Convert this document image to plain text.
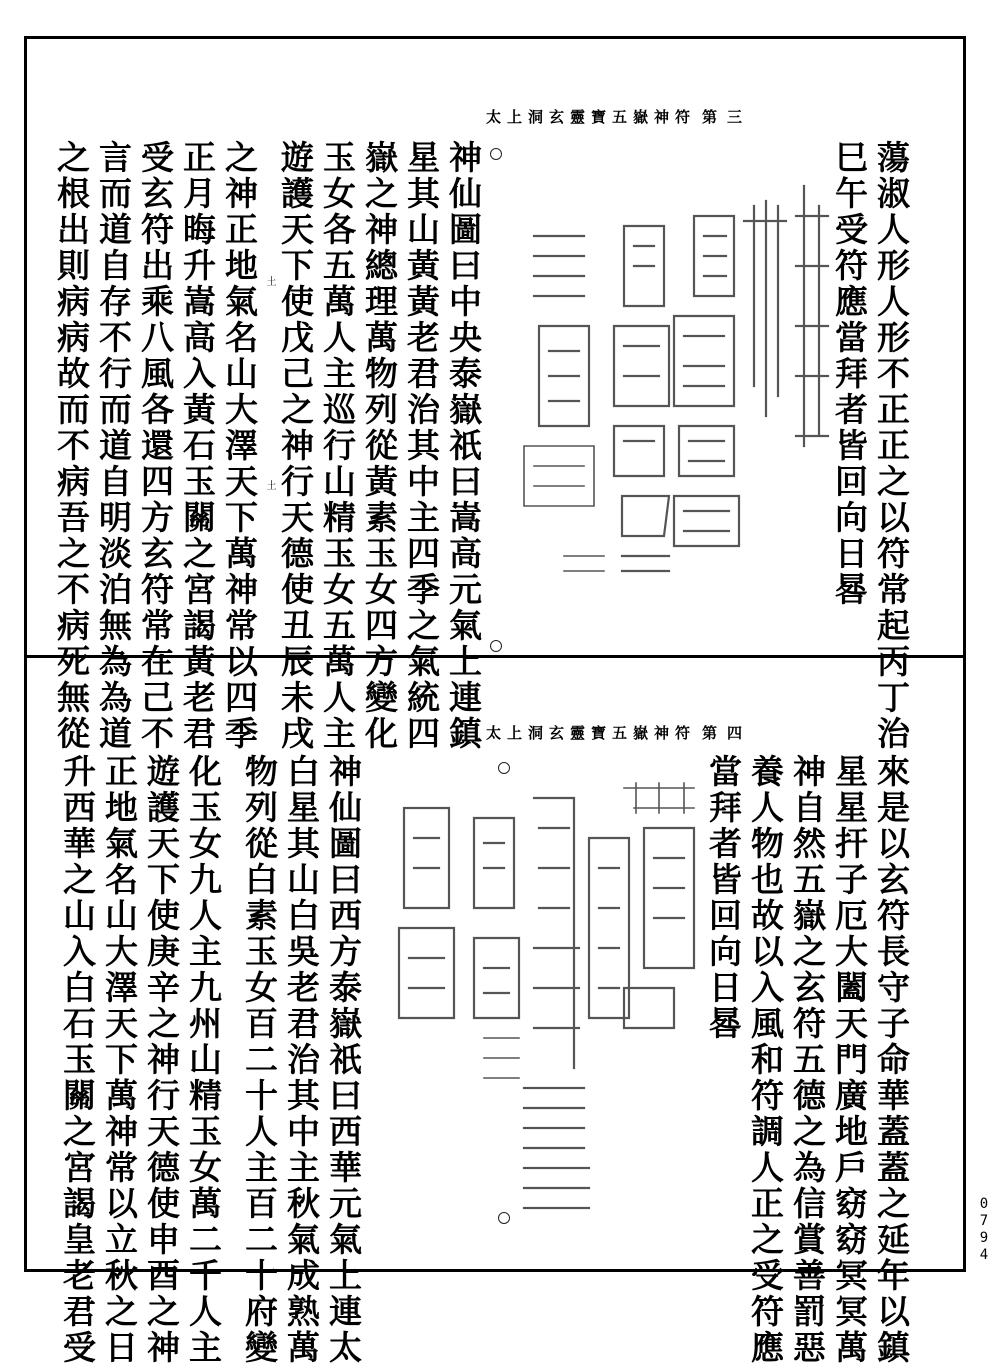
太上洞玄靈寶五嶽神符 第三
蕩淑人形人形不正正之以符常起丙丁治
巳午受符應當拜者皆回向日晷
神仙圖曰中央泰嶽祇曰嵩高元氣上連鎮
星其山黃黃老君治其中主四季之氣統四
嶽之神總理萬物列從黃素玉女四方變化
玉女各五萬人主巡行山精玉女五萬人主
遊護天下使戊己之神行天德使丑辰未戌
之神正地氣名山大澤天下萬神常以四季
正月晦升嵩高入黃石玉關之宮謁黃老君
受玄符出乘八風各還四方玄符常在己不
言而道自存不行而道自明淡泊無為為道
之根出則病病故而不病吾之不病死無從	土
土
太上洞玄靈寶五嶽神符 第四
來是以玄符長守子命華蓋蓋之延年以鎮
星星扞子厄大闔天門廣地戶窈窈冥冥萬
神自然五嶽之玄符五德之為信賞善罰惡
養人物也故以入風和符調人正之受符應
當拜者皆回向日晷
神仙圖曰西方泰嶽祇曰西華元氣上連太
白星其山白吳老君治其中主秋氣成熟萬
物列從白素玉女百二十人主百二十府變
化玉女九人主九州山精玉女萬二千人主
遊護天下使庚辛之神行天德使申酉之神
正地氣名山大澤天下萬神常以立秋之日
升西華之山入白石玉關之宮謁皇老君受	0794
